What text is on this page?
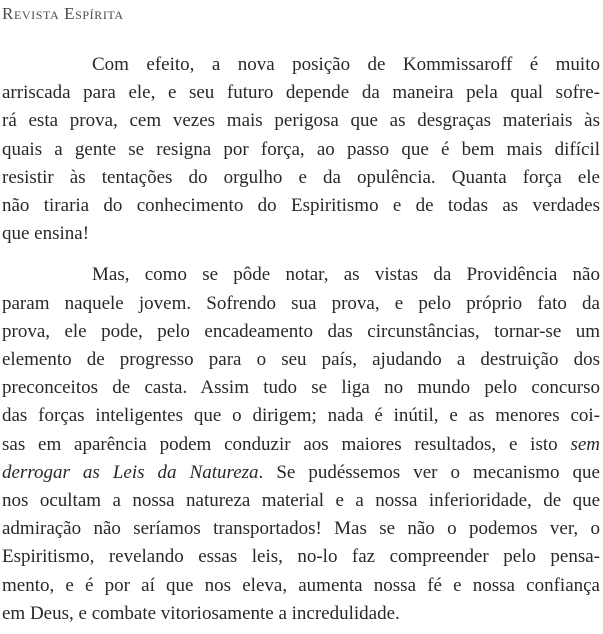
Revista Espírita
Com efeito, a nova posição de Kommissaroff é muito
arriscada para ele, e seu futuro depende da maneira pela qual sofre-
rá esta prova, cem vezes mais perigosa que as desgraças materiais às
quais a gente se resigna por força, ao passo que é bem mais difícil
resistir às tentações do orgulho e da opulência. Quanta força ele
não tiraria do conhecimento do Espiritismo e de todas as verdades
que ensina!
Mas, como se pôde notar, as vistas da Providência não
param naquele jovem. Sofrendo sua prova, e pelo próprio fato da
prova, ele pode, pelo encadeamento das circunstâncias, tornar-se um
elemento de progresso para o seu país, ajudando a destruição dos
preconceitos de casta. Assim tudo se liga no mundo pelo concurso
das forças inteligentes que o dirigem; nada é inútil, e as menores coi-
sas em aparência podem conduzir aos maiores resultados, e isto sem
derrogar as Leis da Natureza. Se pudéssemos ver o mecanismo que
nos ocultam a nossa natureza material e a nossa inferioridade, de que
admiração não seríamos transportados! Mas se não o podemos ver, o
Espiritismo, revelando essas leis, no-lo faz compreender pelo pensa-
mento, e é por aí que nos eleva, aumenta nossa fé e nossa confiança
em Deus, e combate vitoriosamente a incredulidade.
